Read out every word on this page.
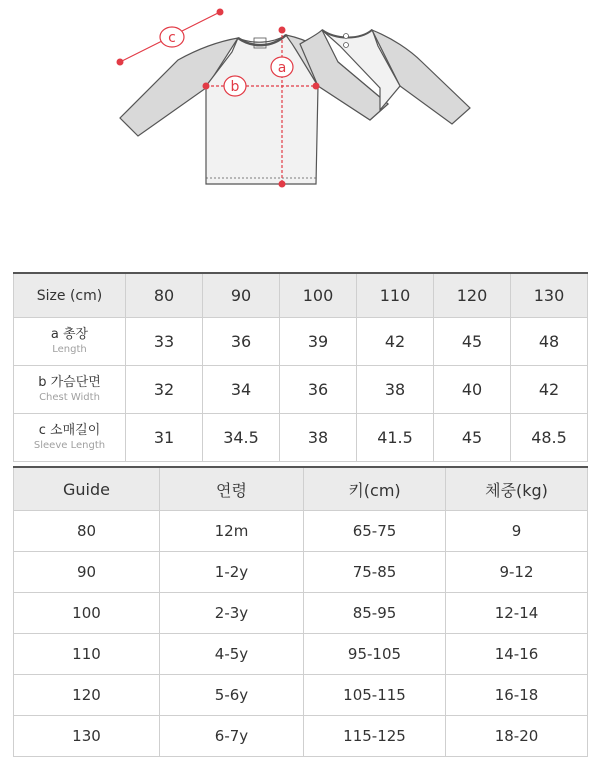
c
a
b
Size (cm)	80	90	100	110	120	130
a 총장
Length	33	36	39	42	45	48
b 가슴단면
Chest Width	32	34	36	38	40	42
c 소매길이
Sleeve Length	31	34.5	38	41.5	45	48.5
Guide	연령	키(cm)	체중(kg)
80	12m	65-75	9
90	1-2y	75-85	9-12
100	2-3y	85-95	12-14
110	4-5y	95-105	14-16
120	5-6y	105-115	16-18
130	6-7y	115-125	18-20
